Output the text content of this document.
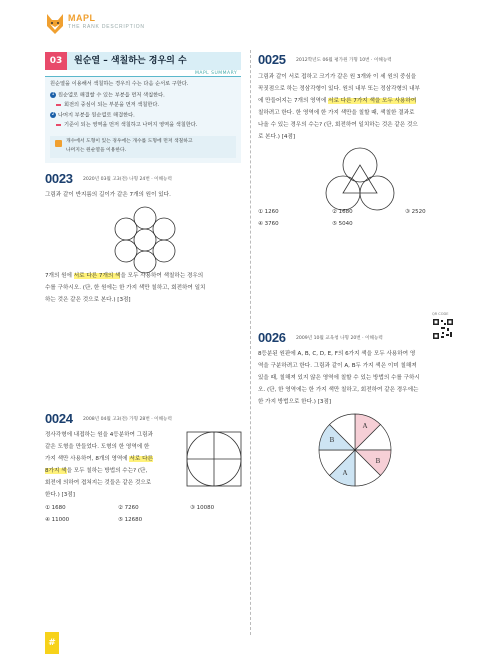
MAPL
THE RANK DESCRIPTION
03	원순열 – 색칠하는 경우의 수
MAPL SUMMARY
원순열을 이용해서 색칠하는 경우의 수는 다음 순서로 구한다.
1 원순열로 해결할 수 있는 부분을 먼저 색칠한다.
회전의 중심이 되는 부분을 먼저 색칠한다.
2 나머지 부분을 원순열로 해결한다.
기준이 되는 영역을 먼저 색칠하고 나머지 영역을 색칠한다.
개수에서 도형이 있는 경우에는 개수를 도형에 먼저 색칠하고
나머지는 원순열을 이용한다.
0023 2020년 03월 고3(전) 나형 24번 · 이해능력
그림과 같이 반지름의 길이가 같은 7개의 원이 있다.
7개의 원에 서로 다른 7개의 색을 모두 사용하여 색칠하는 경우의
수를 구하시오. (단, 한 원에는 한 가지 색만 칠하고, 회전하여 일치
하는 것은 같은 것으로 본다.) [3점]
0024 2008년 04월 고3(전) 가형 28번 · 이해능력
정사각형에 내접하는 원을 4등분하여 그림과
같은 도형을 만들었다. 도형의 한 영역에 한
가지 색만 사용하여, 8개의 영역에 서로 다른
8가지 색을 모두 칠하는 방법의 수는? (단,
회전에 의하여 겹쳐지는 것들은 같은 것으로
한다.) [3점]
① 1680	② 7260	③ 10080
④ 11000	⑤ 12680
0025 2012학년도 06월 평가원 가형 10번 · 이해능력
그림과 같이 서로 접하고 크기가 같은 원 3개와 이 세 원의 중심을
꼭짓점으로 하는 정삼각형이 있다. 원의 내부 또는 정삼각형의 내부
에 만들어지는 7개의 영역에 서로 다른 7가지 색을 모두 사용하여
칠하려고 한다. 한 영역에 한 가지 색만을 칠할 때, 색칠한 결과로
나올 수 있는 경우의 수는? (단, 회전하여 일치하는 것은 같은 것으
로 본다.) [4점]
① 1260	② 1680	③ 2520
④ 3760	⑤ 5040
QR CODE
0026 2009년 10월 교육청 나형 20번 · 이해능력
8등분된 원판에 A, B, C, D, E, F의 6가지 색을 모두 사용하여 영
역을 구분하려고 한다. 그림과 같이 A, B두 가지 색은 이미 칠해져
있을 때, 칠해져 있지 않은 영역에 칠할 수 있는 방법의 수를 구하시
오. (단, 한 영역에는 한 가지 색만 칠하고, 회전하여 같은 경우에는
한 가지 방법으로 한다.) [3점]
A
B
A
B
#
